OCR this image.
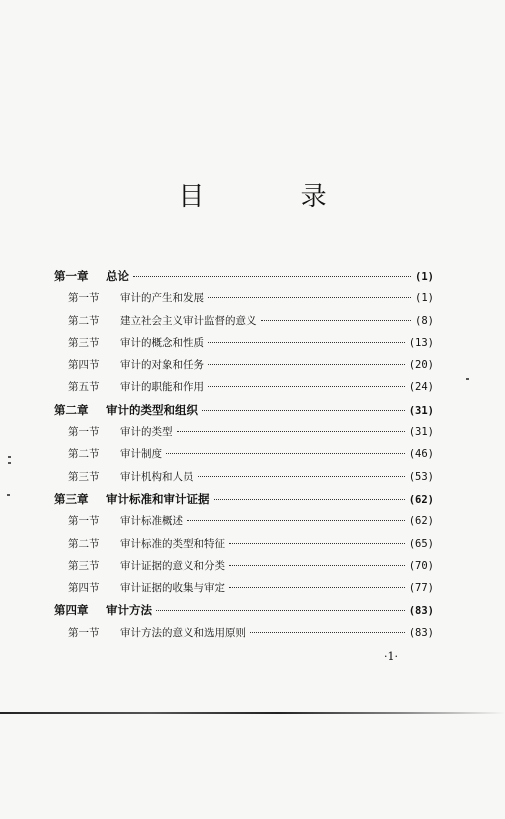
目 录
第一章	总论	(1)
第一节	审计的产生和发展	(1)
第二节	建立社会主义审计监督的意义	(8)
第三节	审计的概念和性质	(13)
第四节	审计的对象和任务	(20)
第五节	审计的职能和作用	(24)
第二章	审计的类型和组织	(31)
第一节	审计的类型	(31)
第二节	审计制度	(46)
第三节	审计机构和人员	(53)
第三章	审计标准和审计证据	(62)
第一节	审计标准概述	(62)
第二节	审计标准的类型和特征	(65)
第三节	审计证据的意义和分类	(70)
第四节	审计证据的收集与审定	(77)
第四章	审计方法	(83)
第一节	审计方法的意义和选用原则	(83)
·1·
